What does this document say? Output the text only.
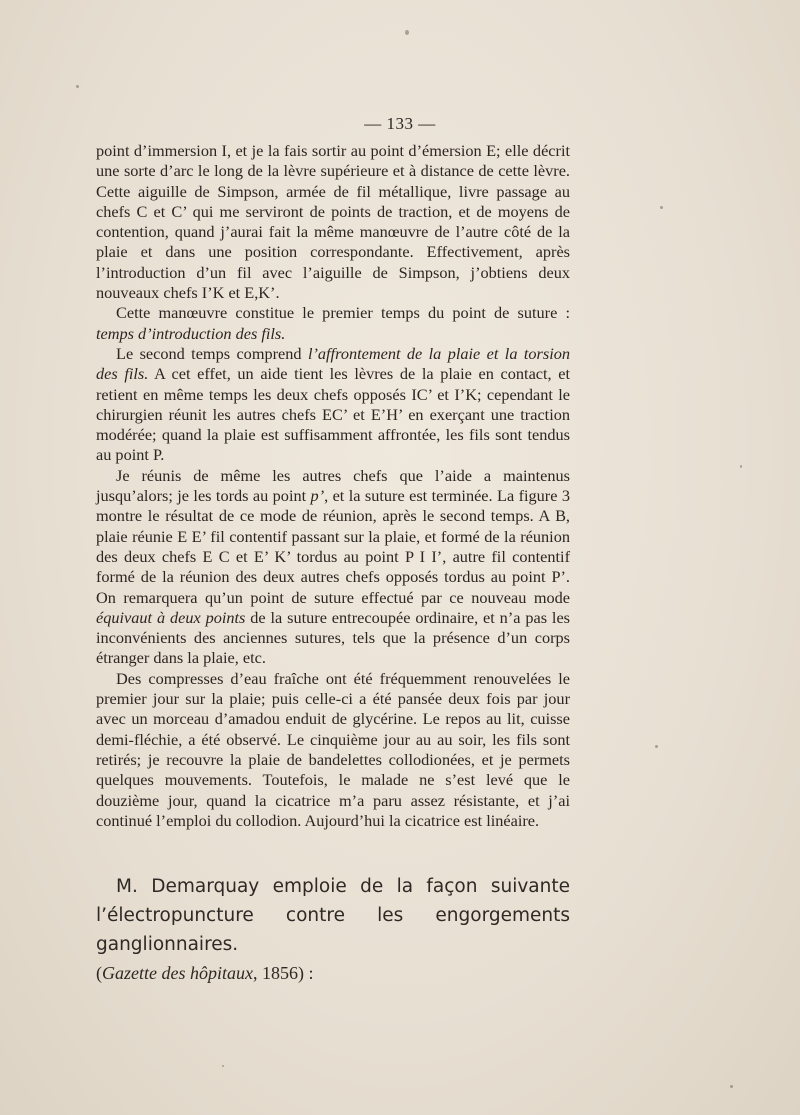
— 133 —

point d’immersion I, et je la fais sortir au point d’émersion E; elle décrit une sorte d’arc le long de la lèvre supérieure et à distance de cette lèvre. Cette aiguille de Simpson, armée de fil métallique, livre passage au chefs C et C’ qui me serviront de points de traction, et de moyens de contention, quand j’aurai fait la même manœuvre de l’autre côté de la plaie et dans une position correspondante. Effectivement, après l’introduction d’un fil avec l’aiguille de Simpson, j’obtiens deux nouveaux chefs I’K et E,K’.

Cette manœuvre constitue le premier temps du point de suture : temps d’introduction des fils.

Le second temps comprend l’affrontement de la plaie et la torsion des fils. A cet effet, un aide tient les lèvres de la plaie en contact, et retient en même temps les deux chefs opposés IC’ et I’K; cependant le chirurgien réunit les autres chefs EC’ et E’H’ en exerçant une traction modérée; quand la plaie est suffisamment affrontée, les fils sont tendus au point P.

Je réunis de même les autres chefs que l’aide a maintenus jusqu’alors; je les tords au point p’, et la suture est terminée. La figure 3 montre le résultat de ce mode de réunion, après le second temps. A B, plaie réunie E E’ fil contentif passant sur la plaie, et formé de la réunion des deux chefs E C et E’ K’ tordus au point P I I’, autre fil contentif formé de la réunion des deux autres chefs opposés tordus au point P’. On remarquera qu’un point de suture effectué par ce nouveau mode équivaut à deux points de la suture entrecoupée ordinaire, et n’a pas les inconvénients des anciennes sutures, tels que la présence d’un corps étranger dans la plaie, etc.

Des compresses d’eau fraîche ont été fréquemment renouvelées le premier jour sur la plaie; puis celle-ci a été pansée deux fois par jour avec un morceau d’amadou enduit de glycérine. Le repos au lit, cuisse demi-fléchie, a été observé. Le cinquième jour au au soir, les fils sont retirés; je recouvre la plaie de bandelettes collodionées, et je permets quelques mouvements. Toutefois, le malade ne s’est levé que le douzième jour, quand la cicatrice m’a paru assez résistante, et j’ai continué l’emploi du collodion. Aujourd’hui la cicatrice est linéaire.

M. Demarquay emploie de la façon suivante l’électropuncture contre les engorgements ganglionnaires.
(Gazette des hôpitaux, 1856) :
